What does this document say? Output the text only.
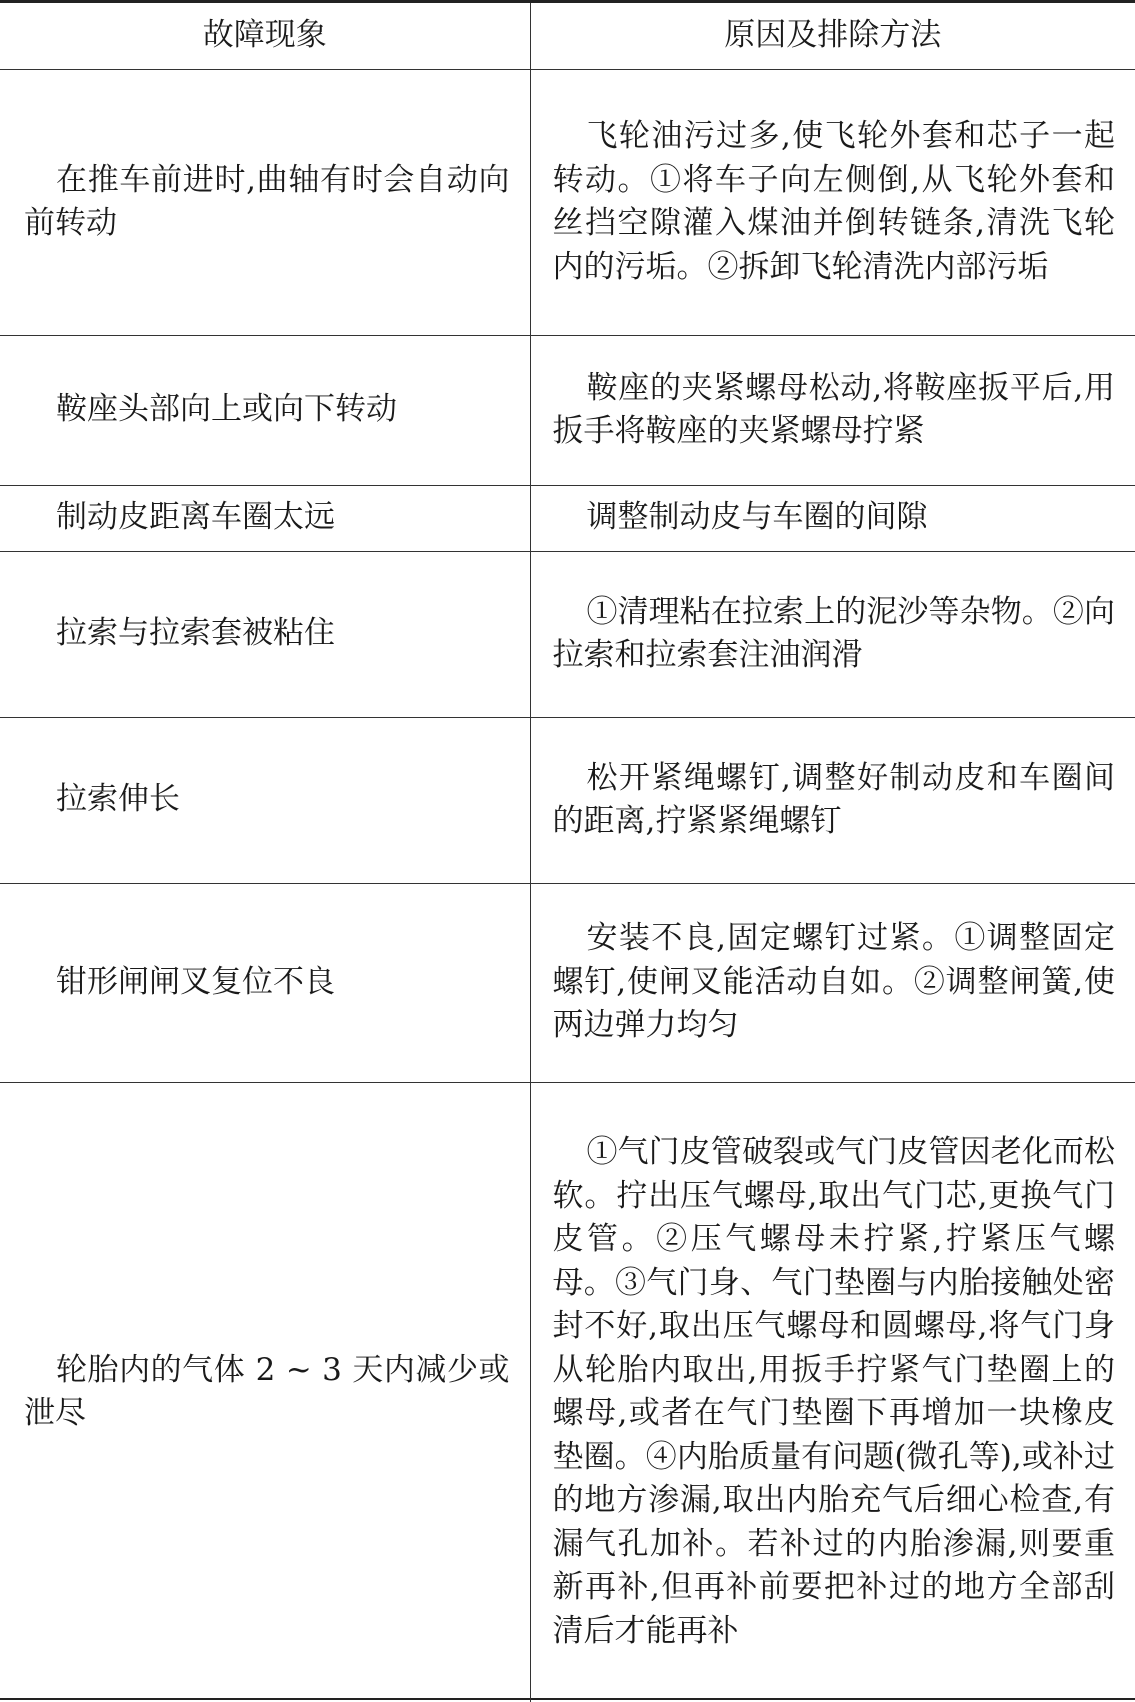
故障现象	原因及排除方法
在推车前进时,曲轴有时会自动向前转动	飞轮油污过多,使飞轮外套和芯子一起转动。①将车子向左侧倒,从飞轮外套和丝挡空隙灌入煤油并倒转链条,清洗飞轮内的污垢。②拆卸飞轮清洗内部污垢
鞍座头部向上或向下转动	鞍座的夹紧螺母松动,将鞍座扳平后,用扳手将鞍座的夹紧螺母拧紧
制动皮距离车圈太远	调整制动皮与车圈的间隙
拉索与拉索套被粘住	①清理粘在拉索上的泥沙等杂物。②向拉索和拉索套注油润滑
拉索伸长	松开紧绳螺钉,调整好制动皮和车圈间的距离,拧紧紧绳螺钉
钳形闸闸叉复位不良	安装不良,固定螺钉过紧。①调整固定螺钉,使闸叉能活动自如。②调整闸簧,使两边弹力均匀
轮胎内的气体 2 ~ 3 天内减少或泄尽	①气门皮管破裂或气门皮管因老化而松软。拧出压气螺母,取出气门芯,更换气门皮管。②压气螺母未拧紧,拧紧压气螺母。③气门身、气门垫圈与内胎接触处密封不好,取出压气螺母和圆螺母,将气门身从轮胎内取出,用扳手拧紧气门垫圈上的螺母,或者在气门垫圈下再增加一块橡皮垫圈。④内胎质量有问题(微孔等),或补过的地方渗漏,取出内胎充气后细心检查,有漏气孔加补。若补过的内胎渗漏,则要重新再补,但再补前要把补过的地方全部刮清后才能再补
